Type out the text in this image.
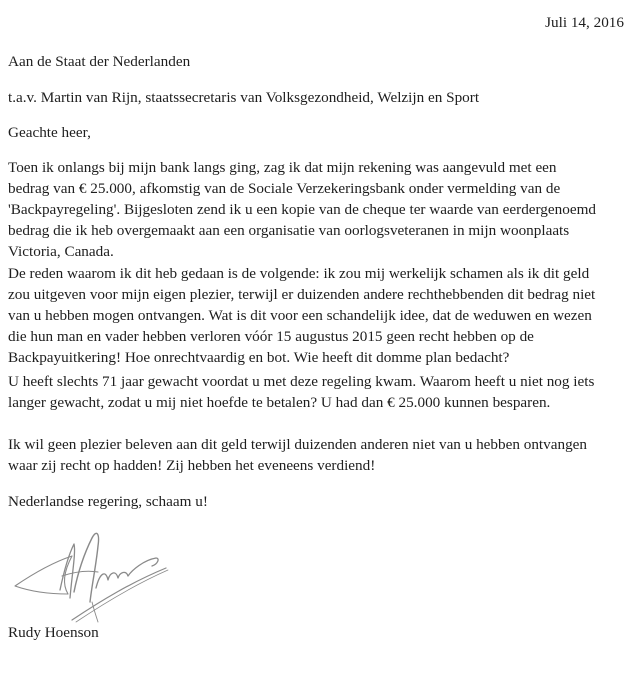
Juli 14, 2016
Aan de Staat der Nederlanden
t.a.v. Martin van Rijn, staatssecretaris van Volksgezondheid, Welzijn en Sport
Geachte heer,
Toen ik onlangs bij mijn bank langs ging, zag ik dat mijn rekening was aangevuld met een
bedrag van € 25.000, afkomstig van de Sociale Verzekeringsbank onder vermelding van de
'Backpayregeling'. Bijgesloten zend ik u een kopie van de cheque ter waarde van eerdergenoemd
bedrag die ik heb overgemaakt aan een organisatie van oorlogsveteranen in mijn woonplaats
Victoria, Canada.
De reden waarom ik dit heb gedaan is de volgende: ik zou mij werkelijk schamen als ik dit geld
zou uitgeven voor mijn eigen plezier, terwijl er duizenden andere rechthebbenden dit bedrag niet
van u hebben mogen ontvangen. Wat is dit voor een schandelijk idee, dat de weduwen en wezen
die hun man en vader hebben verloren vóór 15 augustus 2015 geen recht hebben op de
Backpayuitkering! Hoe onrechtvaardig en bot. Wie heeft dit domme plan bedacht?
U heeft slechts 71 jaar gewacht voordat u met deze regeling kwam. Waarom heeft u niet nog iets
langer gewacht, zodat u mij niet hoefde te betalen? U had dan € 25.000 kunnen besparen.
Ik wil geen plezier beleven aan dit geld terwijl duizenden anderen niet van u hebben ontvangen
waar zij recht op hadden! Zij hebben het eveneens verdiend!
Nederlandse regering, schaam u!
Rudy Hoenson
